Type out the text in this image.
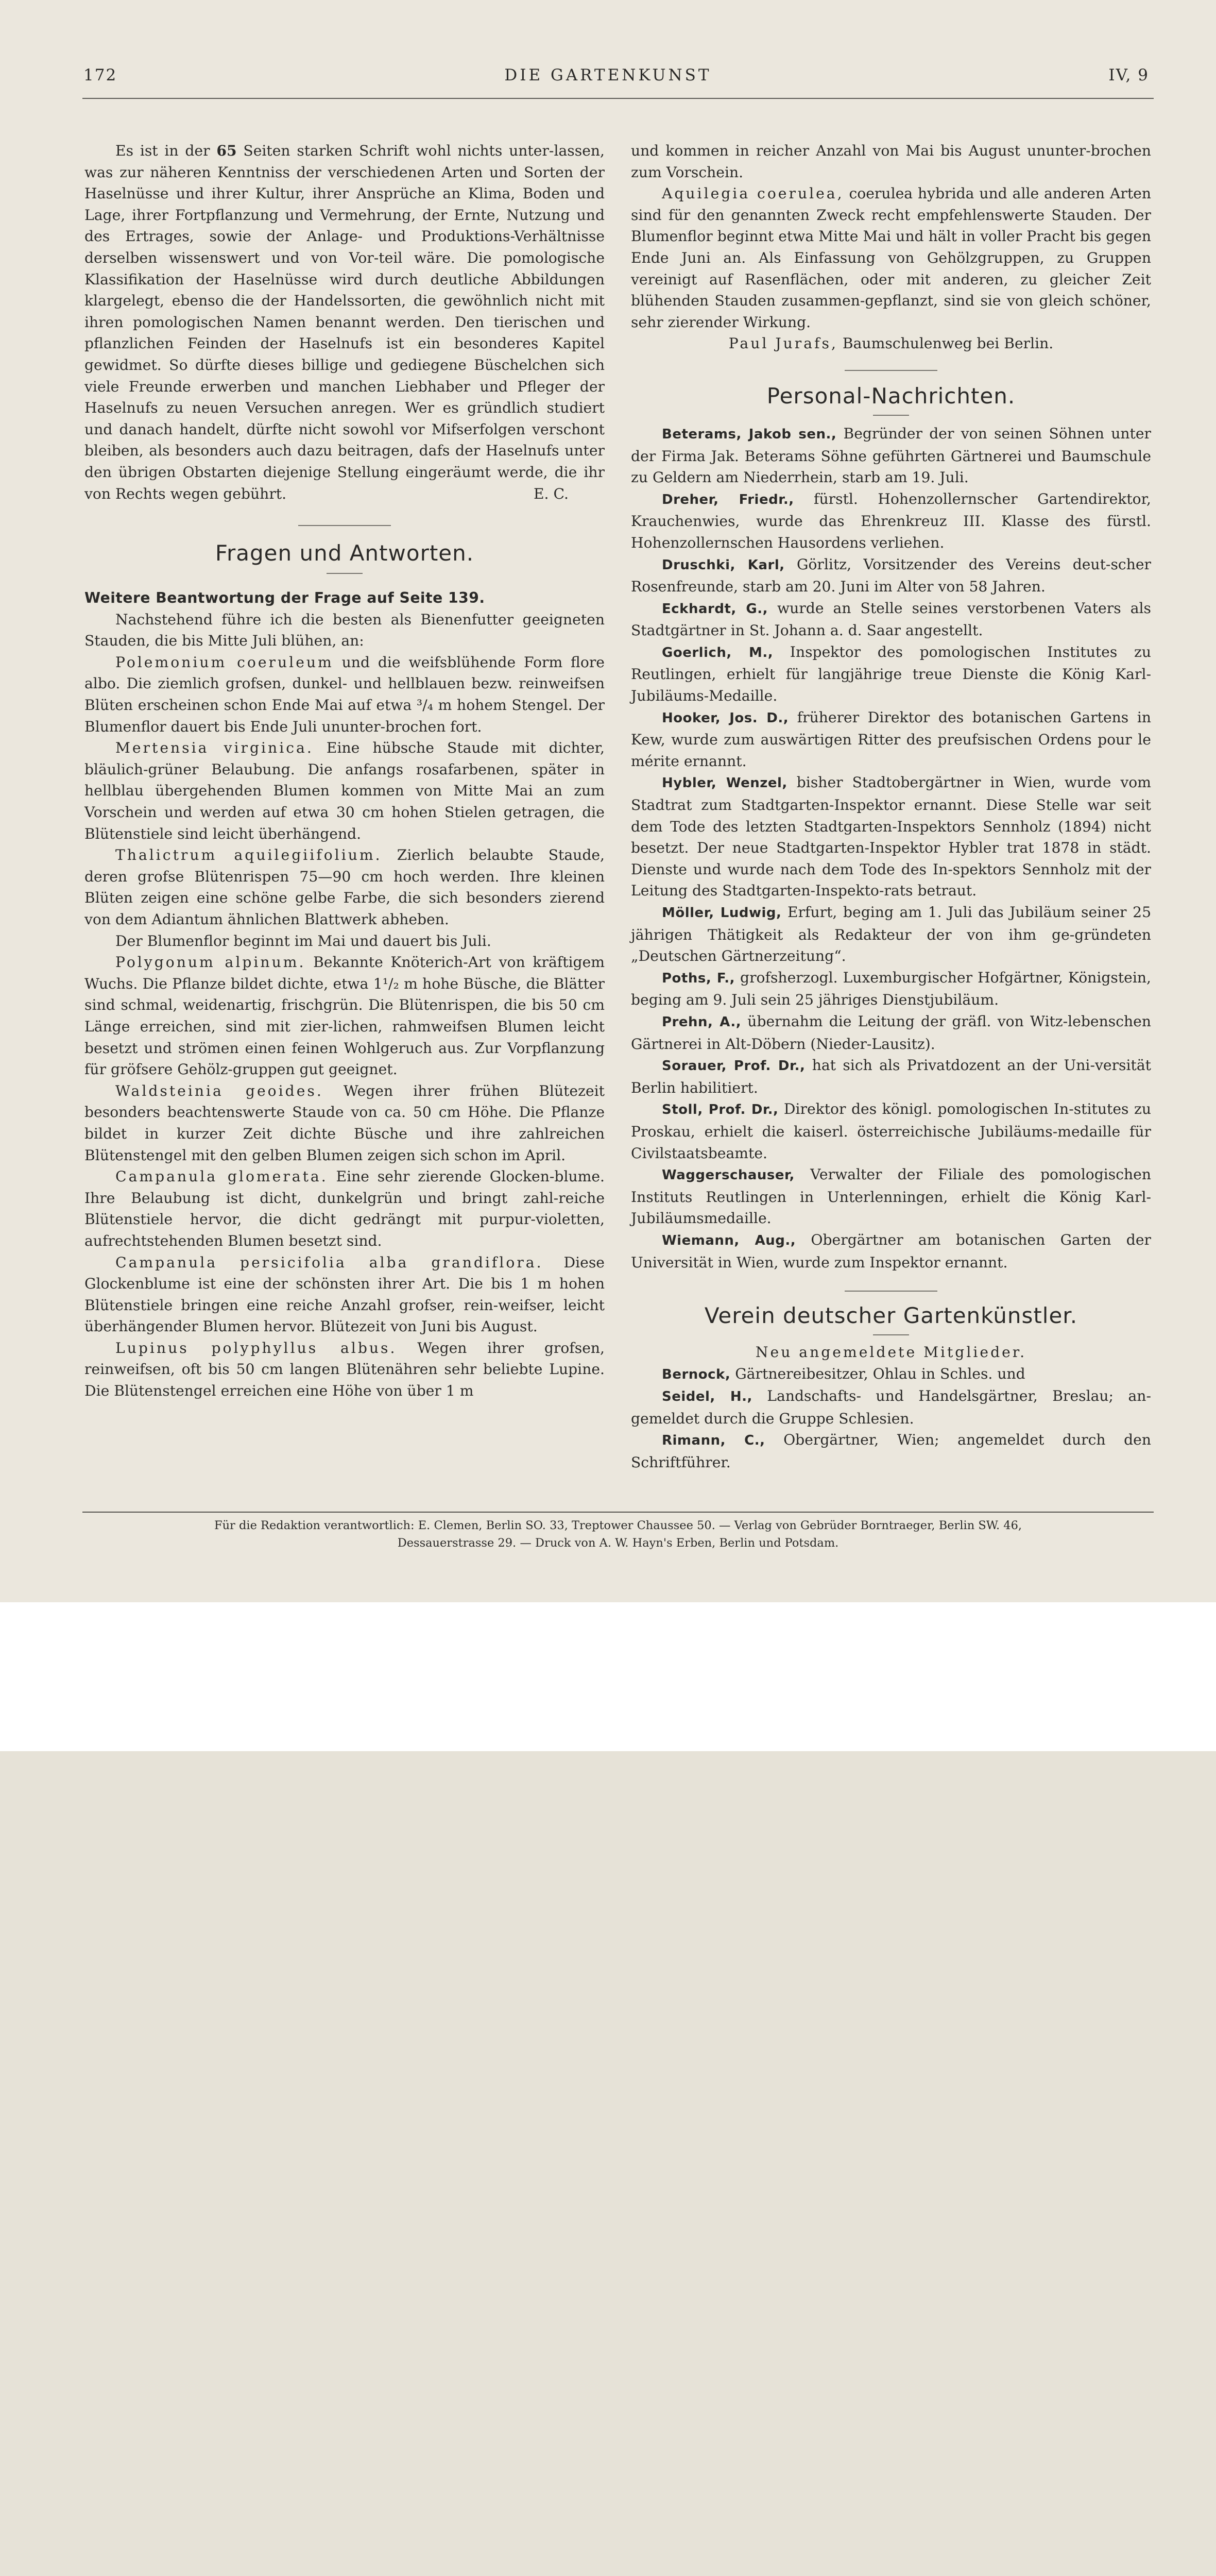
172	DIE GARTENKUNST	IV, 9

Es ist in der 65 Seiten starken Schrift wohl nichts unter-lassen, was zur näheren Kenntniss der verschiedenen Arten und Sorten der Haselnüsse und ihrer Kultur, ihrer Ansprüche an Klima, Boden und Lage, ihrer Fortpflanzung und Vermehrung, der Ernte, Nutzung und des Ertrages, sowie der Anlage- und Produktions-Verhältnisse derselben wissenswert und von Vor-teil wäre. Die pomologische Klassifikation der Haselnüsse wird durch deutliche Abbildungen klargelegt, ebenso die der Handelssorten, die gewöhnlich nicht mit ihren pomologischen Namen benannt werden. Den tierischen und pflanzlichen Feinden der Haselnufs ist ein besonderes Kapitel gewidmet. So dürfte dieses billige und gediegene Büschelchen sich viele Freunde erwerben und manchen Liebhaber und Pfleger der Haselnufs zu neuen Versuchen anregen. Wer es gründlich studiert und danach handelt, dürfte nicht sowohl vor Mifserfolgen verschont bleiben, als besonders auch dazu beitragen, dafs der Haselnufs unter den übrigen Obstarten diejenige Stellung eingeräumt werde, die ihr von Rechts wegen gebührt.	E. C.

Fragen und Antworten.

Weitere Beantwortung der Frage auf Seite 139.

Nachstehend führe ich die besten als Bienenfutter geeigneten Stauden, die bis Mitte Juli blühen, an:

Polemonium coeruleum und die weifsblühende Form flore albo. Die ziemlich grofsen, dunkel- und hellblauen bezw. reinweifsen Blüten erscheinen schon Ende Mai auf etwa ³/₄ m hohem Stengel. Der Blumenflor dauert bis Ende Juli ununter-brochen fort.

Mertensia virginica. Eine hübsche Staude mit dichter, bläulich-grüner Belaubung. Die anfangs rosafarbenen, später in hellblau übergehenden Blumen kommen von Mitte Mai an zum Vorschein und werden auf etwa 30 cm hohen Stielen getragen, die Blütenstiele sind leicht überhängend.

Thalictrum aquilegiifolium. Zierlich belaubte Staude, deren grofse Blütenrispen 75—90 cm hoch werden. Ihre kleinen Blüten zeigen eine schöne gelbe Farbe, die sich besonders zierend von dem Adiantum ähnlichen Blattwerk abheben.

Der Blumenflor beginnt im Mai und dauert bis Juli.

Polygonum alpinum. Bekannte Knöterich-Art von kräftigem Wuchs. Die Pflanze bildet dichte, etwa 1¹/₂ m hohe Büsche, die Blätter sind schmal, weidenartig, frischgrün. Die Blütenrispen, die bis 50 cm Länge erreichen, sind mit zier-lichen, rahmweifsen Blumen leicht besetzt und strömen einen feinen Wohlgeruch aus. Zur Vorpflanzung für gröfsere Gehölz-gruppen gut geeignet.

Waldsteinia geoides. Wegen ihrer frühen Blütezeit besonders beachtenswerte Staude von ca. 50 cm Höhe. Die Pflanze bildet in kurzer Zeit dichte Büsche und ihre zahlreichen Blütenstengel mit den gelben Blumen zeigen sich schon im April.

Campanula glomerata. Eine sehr zierende Glocken-blume. Ihre Belaubung ist dicht, dunkelgrün und bringt zahl-reiche Blütenstiele hervor, die dicht gedrängt mit purpur-violetten, aufrechtstehenden Blumen besetzt sind.

Campanula persicifolia alba grandiflora. Diese Glockenblume ist eine der schönsten ihrer Art. Die bis 1 m hohen Blütenstiele bringen eine reiche Anzahl grofser, rein-weifser, leicht überhängender Blumen hervor. Blütezeit von Juni bis August.

Lupinus polyphyllus albus. Wegen ihrer grofsen, reinweifsen, oft bis 50 cm langen Blütenähren sehr beliebte Lupine. Die Blütenstengel erreichen eine Höhe von über 1 m

und kommen in reicher Anzahl von Mai bis August ununter-brochen zum Vorschein.

Aquilegia coerulea, coerulea hybrida und alle anderen Arten sind für den genannten Zweck recht empfehlenswerte Stauden. Der Blumenflor beginnt etwa Mitte Mai und hält in voller Pracht bis gegen Ende Juni an. Als Einfassung von Gehölzgruppen, zu Gruppen vereinigt auf Rasenflächen, oder mit anderen, zu gleicher Zeit blühenden Stauden zusammen-gepflanzt, sind sie von gleich schöner, sehr zierender Wirkung.

Paul Jurafs, Baumschulenweg bei Berlin.

Personal-Nachrichten.

Beterams, Jakob sen., Begründer der von seinen Söhnen unter der Firma Jak. Beterams Söhne geführten Gärtnerei und Baumschule zu Geldern am Niederrhein, starb am 19. Juli.

Dreher, Friedr., fürstl. Hohenzollernscher Gartendirektor, Krauchenwies, wurde das Ehrenkreuz III. Klasse des fürstl. Hohenzollernschen Hausordens verliehen.

Druschki, Karl, Görlitz, Vorsitzender des Vereins deut-scher Rosenfreunde, starb am 20. Juni im Alter von 58 Jahren.

Eckhardt, G., wurde an Stelle seines verstorbenen Vaters als Stadtgärtner in St. Johann a. d. Saar angestellt.

Goerlich, M., Inspektor des pomologischen Institutes zu Reutlingen, erhielt für langjährige treue Dienste die König Karl-Jubiläums-Medaille.

Hooker, Jos. D., früherer Direktor des botanischen Gartens in Kew, wurde zum auswärtigen Ritter des preufsischen Ordens pour le mérite ernannt.

Hybler, Wenzel, bisher Stadtobergärtner in Wien, wurde vom Stadtrat zum Stadtgarten-Inspektor ernannt. Diese Stelle war seit dem Tode des letzten Stadtgarten-Inspektors Sennholz (1894) nicht besetzt. Der neue Stadtgarten-Inspektor Hybler trat 1878 in städt. Dienste und wurde nach dem Tode des In-spektors Sennholz mit der Leitung des Stadtgarten-Inspekto-rats betraut.

Möller, Ludwig, Erfurt, beging am 1. Juli das Jubiläum seiner 25 jährigen Thätigkeit als Redakteur der von ihm ge-gründeten „Deutschen Gärtnerzeitung“.

Poths, F., grofsherzogl. Luxemburgischer Hofgärtner, Königstein, beging am 9. Juli sein 25 jähriges Dienstjubiläum.

Prehn, A., übernahm die Leitung der gräfl. von Witz-lebenschen Gärtnerei in Alt-Döbern (Nieder-Lausitz).

Sorauer, Prof. Dr., hat sich als Privatdozent an der Uni-versität Berlin habilitiert.

Stoll, Prof. Dr., Direktor des königl. pomologischen In-stitutes zu Proskau, erhielt die kaiserl. österreichische Jubiläums-medaille für Civilstaatsbeamte.

Waggerschauser, Verwalter der Filiale des pomologischen Instituts Reutlingen in Unterlenningen, erhielt die König Karl-Jubiläumsmedaille.

Wiemann, Aug., Obergärtner am botanischen Garten der Universität in Wien, wurde zum Inspektor ernannt.

Verein deutscher Gartenkünstler.

Neu angemeldete Mitglieder.

Bernock, Gärtnereibesitzer, Ohlau in Schles. und

Seidel, H., Landschafts- und Handelsgärtner, Breslau; an-gemeldet durch die Gruppe Schlesien.

Rimann, C., Obergärtner, Wien; angemeldet durch den Schriftführer.

Für die Redaktion verantwortlich: E. Clemen, Berlin SO. 33, Treptower Chaussee 50. — Verlag von Gebrüder Borntraeger, Berlin SW. 46,
Dessauerstrasse 29. — Druck von A. W. Hayn's Erben, Berlin und Potsdam.
